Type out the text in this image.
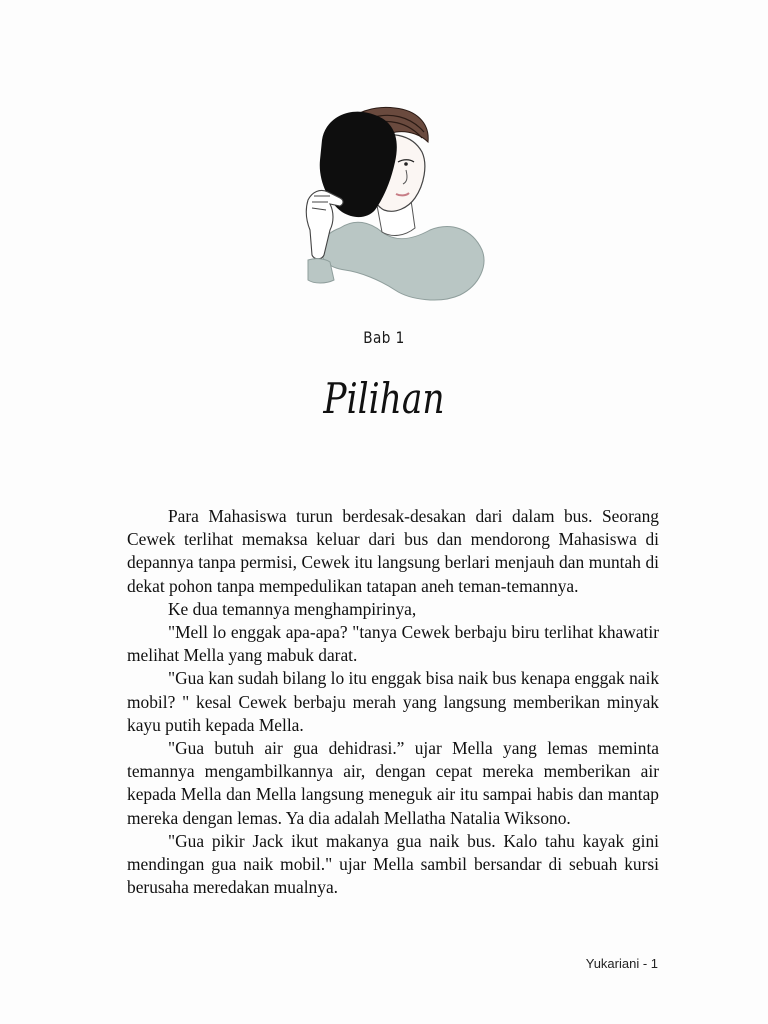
Bab 1
Pilihan

Para Mahasiswa turun berdesak-desakan dari dalam bus. Seorang Cewek terlihat memaksa keluar dari bus dan mendorong Mahasiswa di depannya tanpa permisi, Cewek itu langsung berlari menjauh dan muntah di dekat pohon tanpa mempedulikan tatapan aneh teman-temannya.

Ke dua temannya menghampirinya,

"Mell lo enggak apa-apa? "tanya Cewek berbaju biru terlihat khawatir melihat Mella yang mabuk darat.

"Gua kan sudah bilang lo itu enggak bisa naik bus kenapa enggak naik mobil? " kesal Cewek berbaju merah yang langsung memberikan minyak kayu putih kepada Mella.

"Gua butuh air gua dehidrasi.” ujar Mella yang lemas meminta temannya mengambilkannya air, dengan cepat mereka memberikan air kepada Mella dan Mella langsung meneguk air itu sampai habis dan mantap mereka dengan lemas. Ya dia adalah Mellatha Natalia Wiksono.

"Gua pikir Jack ikut makanya gua naik bus. Kalo tahu kayak gini mendingan gua naik mobil." ujar Mella sambil bersandar di sebuah kursi berusaha meredakan mualnya.

Yukariani - 1
